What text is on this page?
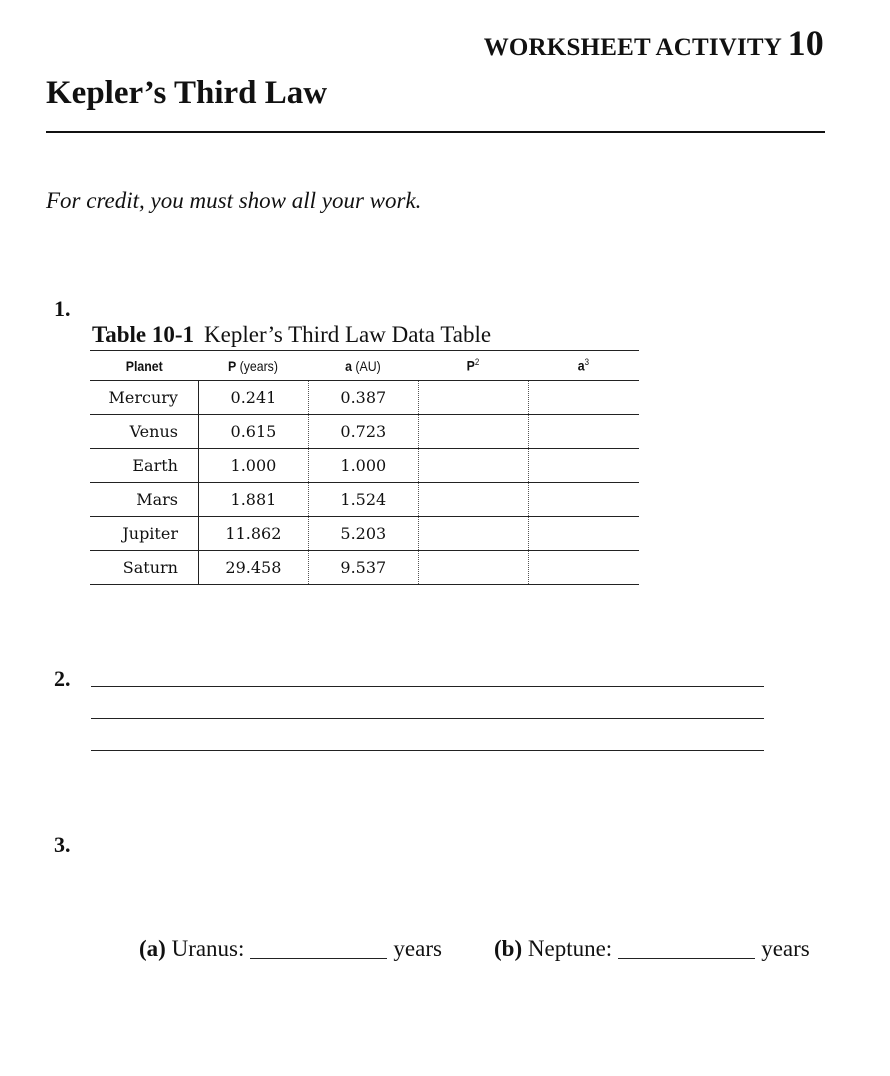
WORKSHEET ACTIVITY 10
Kepler’s Third Law
For credit, you must show all your work.
1.
Table 10-1 Kepler’s Third Law Data Table
Planet	P (years)	a (AU)	$P^2$	$a^3$
Mercury	0.241	0.387		
Venus	0.615	0.723		
Earth	1.000	1.000		
Mars	1.881	1.524		
Jupiter	11.862	5.203		
Saturn	29.458	9.537		
2.
3.
(a) Uranus:	years (b) Neptune:	years
